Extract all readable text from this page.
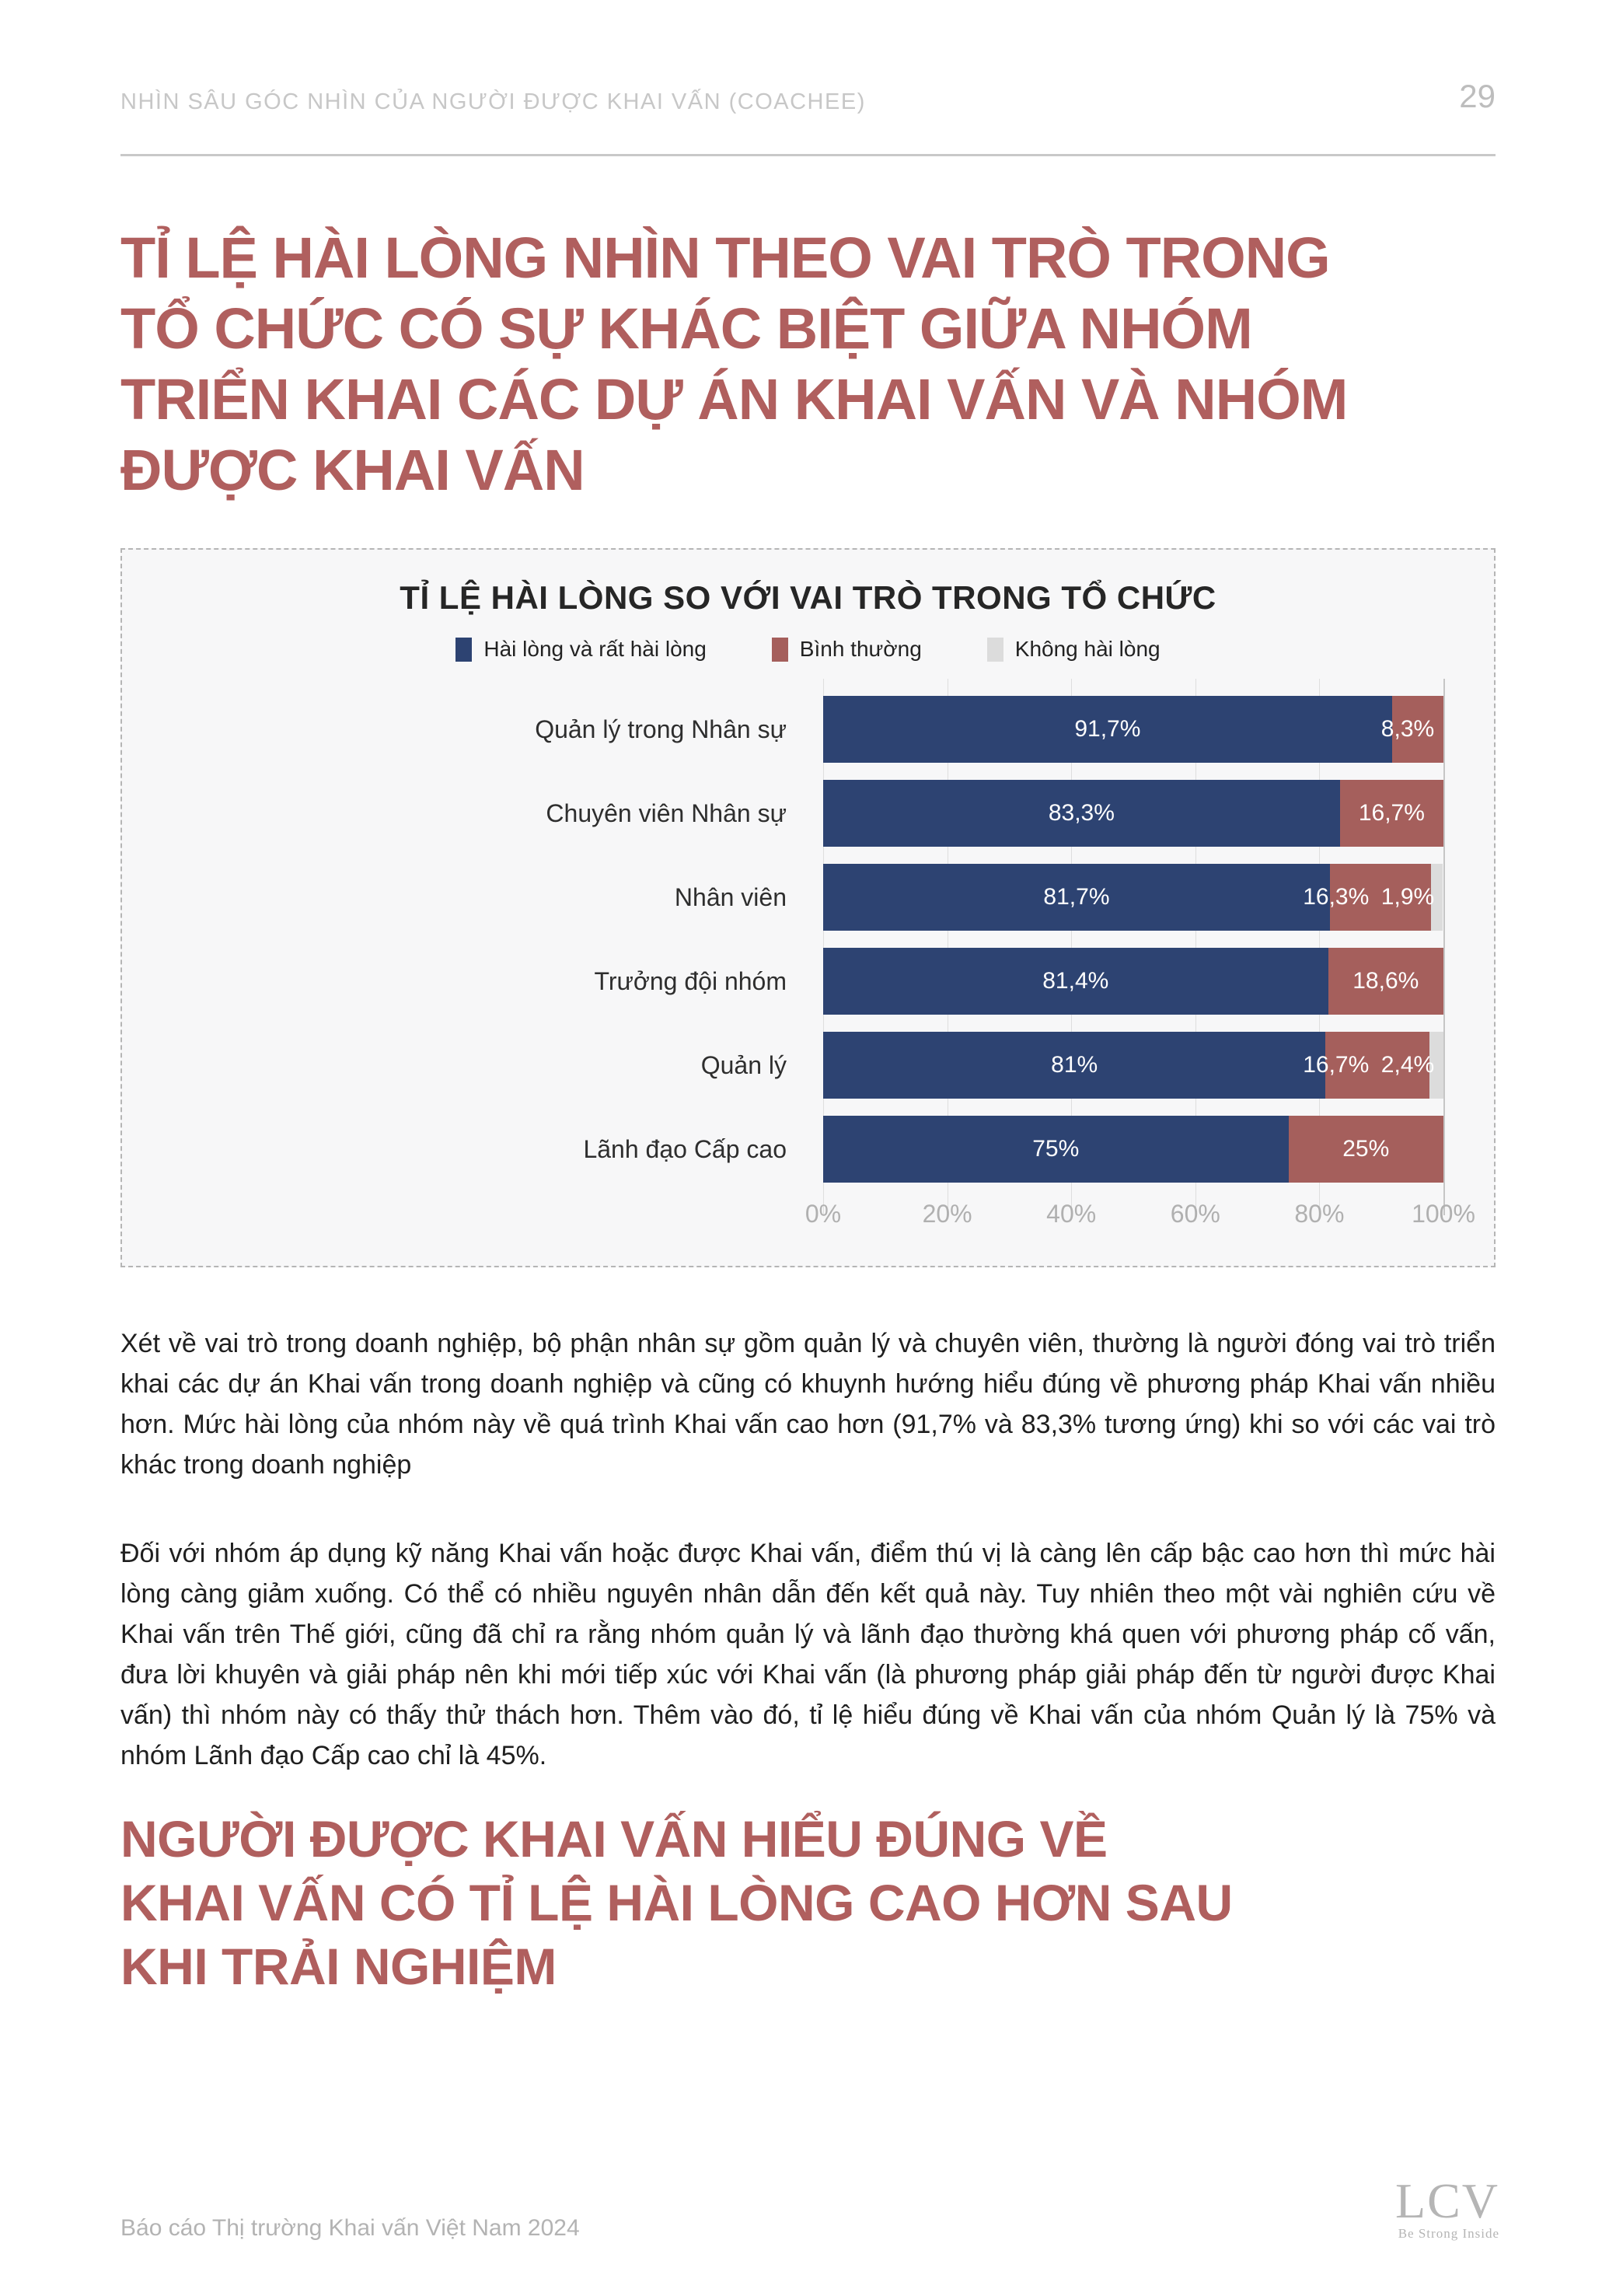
NHÌN SÂU GÓC NHÌN CỦA NGƯỜI ĐƯỢC KHAI VẤN (COACHEE)	29
TỈ LỆ HÀI LÒNG NHÌN THEO VAI TRÒ TRONG
TỔ CHỨC CÓ SỰ KHÁC BIỆT GIỮA NHÓM
TRIỂN KHAI CÁC DỰ ÁN KHAI VẤN VÀ NHÓM
ĐƯỢC KHAI VẤN
TỈ LỆ HÀI LÒNG SO VỚI VAI TRÒ TRONG TỔ CHỨC
Hài lòng và rất hài lòng	Bình thường	Không hài lòng
Quản lý trong Nhân sự	91,7%	8,3%
Chuyên viên Nhân sự	83,3%	16,7%
Nhân viên	81,7%	16,3% 1,9%
Trưởng đội nhóm	81,4%	18,6%
Quản lý	81%	16,7% 2,4%
Lãnh đạo Cấp cao	75%	25%
0%	20%	40%	60%	80%	100%

Xét về vai trò trong doanh nghiệp, bộ phận nhân sự gồm quản lý và chuyên viên, thường là người đóng vai trò triển khai các dự án Khai vấn trong doanh nghiệp và cũng có khuynh hướng hiểu đúng về phương pháp Khai vấn nhiều hơn. Mức hài lòng của nhóm này về quá trình Khai vấn cao hơn (91,7% và 83,3% tương ứng) khi so với các vai trò khác trong doanh nghiệp

Đối với nhóm áp dụng kỹ năng Khai vấn hoặc được Khai vấn, điểm thú vị là càng lên cấp bậc cao hơn thì mức hài lòng càng giảm xuống. Có thể có nhiều nguyên nhân dẫn đến kết quả này. Tuy nhiên theo một vài nghiên cứu về Khai vấn trên Thế giới, cũng đã chỉ ra rằng nhóm quản lý và lãnh đạo thường khá quen với phương pháp cố vấn, đưa lời khuyên và giải pháp nên khi mới tiếp xúc với Khai vấn (là phương pháp giải pháp đến từ người được Khai vấn) thì nhóm này có thấy thử thách hơn. Thêm vào đó, tỉ lệ hiểu đúng về Khai vấn của nhóm Quản lý là 75% và nhóm Lãnh đạo Cấp cao chỉ là 45%.

NGƯỜI ĐƯỢC KHAI VẤN HIỂU ĐÚNG VỀ
KHAI VẤN CÓ TỈ LỆ HÀI LÒNG CAO HƠN SAU
KHI TRẢI NGHIỆM
Báo cáo Thị trường Khai vấn Việt Nam 2024	LCV
Be Strong Inside
